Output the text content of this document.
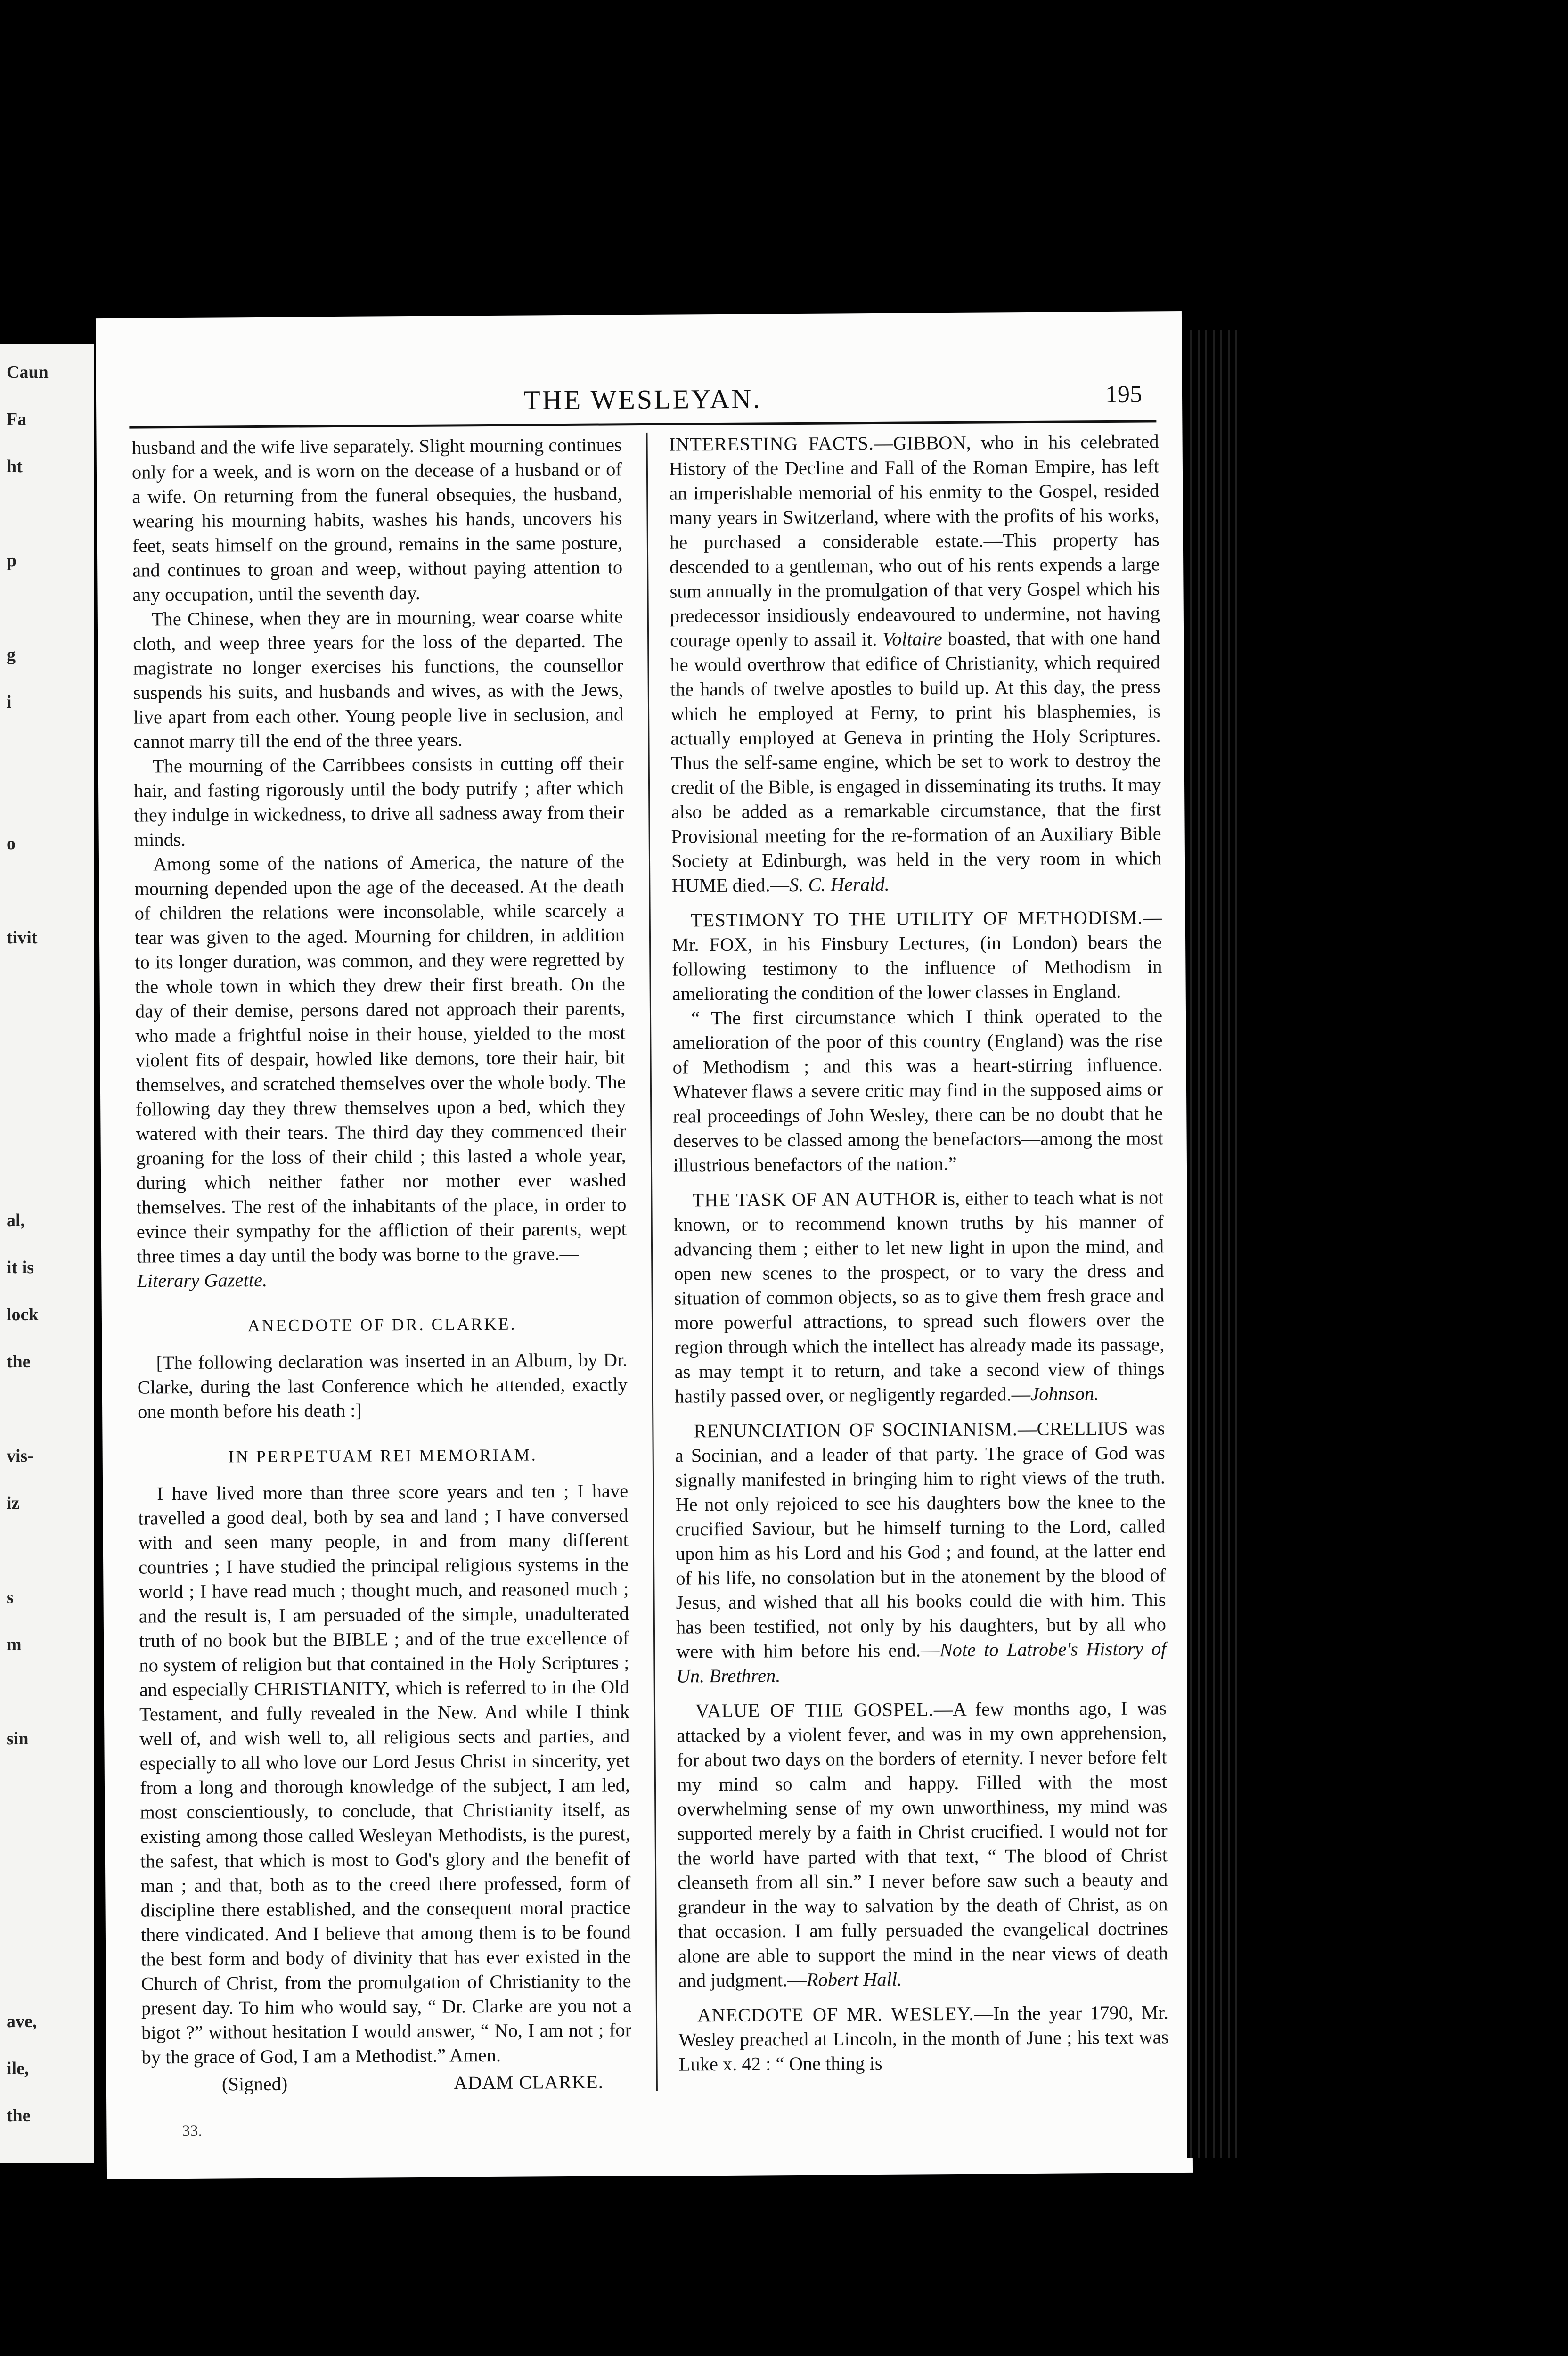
Caun
Fa
ht
p
g
i
o
tivit
al,
it is
lock
the
vis-
iz
s
m
sin
ave,
ile,
the
THE WESLEYAN.	195

husband and the wife live separately. Slight mourning continues only for a week, and is worn on the decease of a husband or of a wife. On returning from the funeral obsequies, the husband, wearing his mourning habits, washes his hands, uncovers his feet, seats himself on the ground, remains in the same posture, and continues to groan and weep, without paying attention to any occupation, until the seventh day.

The Chinese, when they are in mourning, wear coarse white cloth, and weep three years for the loss of the departed. The magistrate no longer exercises his functions, the counsellor suspends his suits, and husbands and wives, as with the Jews, live apart from each other. Young people live in seclusion, and cannot marry till the end of the three years.

The mourning of the Carribbees consists in cutting off their hair, and fasting rigorously until the body putrify ; after which they indulge in wickedness, to drive all sadness away from their minds.

Among some of the nations of America, the nature of the mourning depended upon the age of the deceased. At the death of children the relations were inconsolable, while scarcely a tear was given to the aged. Mourning for children, in addition to its longer duration, was common, and they were regretted by the whole town in which they drew their first breath. On the day of their demise, persons dared not approach their parents, who made a frightful noise in their house, yielded to the most violent fits of despair, howled like demons, tore their hair, bit themselves, and scratched themselves over the whole body. The following day they threw themselves upon a bed, which they watered with their tears. The third day they commenced their groaning for the loss of their child ; this lasted a whole year, during which neither father nor mother ever washed themselves. The rest of the inhabitants of the place, in order to evince their sympathy for the affliction of their parents, wept three times a day until the body was borne to the grave.—

Literary Gazette.

ANECDOTE OF DR. CLARKE.

[The following declaration was inserted in an Album, by Dr. Clarke, during the last Conference which he attended, exactly one month before his death :]

IN PERPETUAM REI MEMORIAM.

I have lived more than three score years and ten ; I have travelled a good deal, both by sea and land ; I have conversed with and seen many people, in and from many different countries ; I have studied the principal religious systems in the world ; I have read much ; thought much, and reasoned much ; and the result is, I am persuaded of the simple, unadulterated truth of no book but the BIBLE ; and of the true excellence of no system of religion but that contained in the Holy Scriptures ; and especially CHRISTIANITY, which is referred to in the Old Testament, and fully revealed in the New. And while I think well of, and wish well to, all religious sects and parties, and especially to all who love our Lord Jesus Christ in sincerity, yet from a long and thorough knowledge of the subject, I am led, most conscientiously, to conclude, that Christianity itself, as existing among those called Wesleyan Methodists, is the purest, the safest, that which is most to God's glory and the benefit of man ; and that, both as to the creed there professed, form of discipline there established, and the consequent moral practice there vindicated. And I believe that among them is to be found the best form and body of divinity that has ever existed in the Church of Christ, from the promulgation of Christianity to the present day. To him who would say, “ Dr. Clarke are you not a bigot ?” without hesitation I would answer, “ No, I am not ; for by the grace of God, I am a Methodist.” Amen.

(Signed)	ADAM CLARKE.

INTERESTING FACTS.—GIBBON, who in his celebrated History of the Decline and Fall of the Roman Empire, has left an imperishable memorial of his enmity to the Gospel, resided many years in Switzerland, where with the profits of his works, he purchased a considerable estate.—This property has descended to a gentleman, who out of his rents expends a large sum annually in the promulgation of that very Gospel which his predecessor insidiously endeavoured to undermine, not having courage openly to assail it. Voltaire boasted, that with one hand he would overthrow that edifice of Christianity, which required the hands of twelve apostles to build up. At this day, the press which he employed at Ferny, to print his blasphemies, is actually employed at Geneva in printing the Holy Scriptures. Thus the self-same engine, which be set to work to destroy the credit of the Bible, is engaged in disseminating its truths. It may also be added as a remarkable circumstance, that the first Provisional meeting for the re-formation of an Auxiliary Bible Society at Edinburgh, was held in the very room in which HUME died.—S. C. Herald.

TESTIMONY TO THE UTILITY OF METHODISM.—Mr. FOX, in his Finsbury Lectures, (in London) bears the following testimony to the influence of Methodism in ameliorating the condition of the lower classes in England.

“ The first circumstance which I think operated to the amelioration of the poor of this country (England) was the rise of Methodism ; and this was a heart-stirring influence. Whatever flaws a severe critic may find in the supposed aims or real proceedings of John Wesley, there can be no doubt that he deserves to be classed among the benefactors—among the most illustrious benefactors of the nation.”

THE TASK OF AN AUTHOR is, either to teach what is not known, or to recommend known truths by his manner of advancing them ; either to let new light in upon the mind, and open new scenes to the prospect, or to vary the dress and situation of common objects, so as to give them fresh grace and more powerful attractions, to spread such flowers over the region through which the intellect has already made its passage, as may tempt it to return, and take a second view of things hastily passed over, or negligently regarded.—Johnson.

RENUNCIATION OF SOCINIANISM.—CRELLIUS was a Socinian, and a leader of that party. The grace of God was signally manifested in bringing him to right views of the truth. He not only rejoiced to see his daughters bow the knee to the crucified Saviour, but he himself turning to the Lord, called upon him as his Lord and his God ; and found, at the latter end of his life, no consolation but in the atonement by the blood of Jesus, and wished that all his books could die with him. This has been testified, not only by his daughters, but by all who were with him before his end.—Note to Latrobe's History of Un. Brethren.

VALUE OF THE GOSPEL.—A few months ago, I was attacked by a violent fever, and was in my own apprehension, for about two days on the borders of eternity. I never before felt my mind so calm and happy. Filled with the most overwhelming sense of my own unworthiness, my mind was supported merely by a faith in Christ crucified. I would not for the world have parted with that text, “ The blood of Christ cleanseth from all sin.” I never before saw such a beauty and grandeur in the way to salvation by the death of Christ, as on that occasion. I am fully persuaded the evangelical doctrines alone are able to support the mind in the near views of death and judgment.—Robert Hall.

ANECDOTE OF MR. WESLEY.—In the year 1790, Mr. Wesley preached at Lincoln, in the month of June ; his text was Luke x. 42 : “ One thing is

33.
